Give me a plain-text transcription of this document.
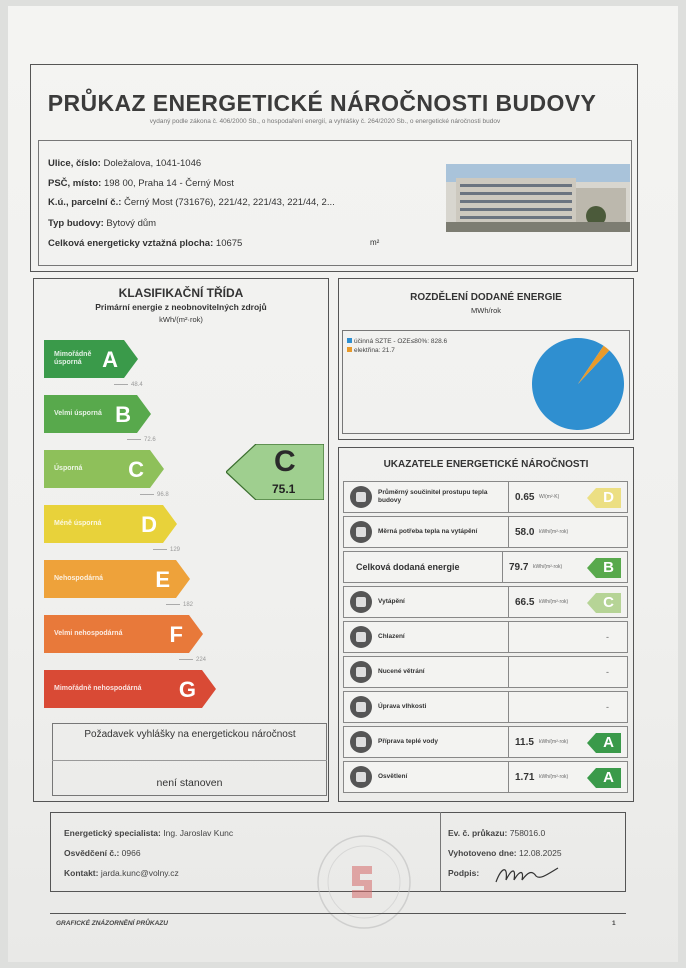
PRŮKAZ ENERGETICKÉ NÁROČNOSTI BUDOVY
vydaný podle zákona č. 406/2000 Sb., o hospodaření energií, a vyhlášky č. 264/2020 Sb., o energetické náročnosti budov
Ulice, číslo: Doležalova, 1041-1046
PSČ, místo: 198 00, Praha 14 - Černý Most
K.ú., parcelní č.: Černý Most (731676), 221/42, 221/43, 221/44, 2...
Typ budovy: Bytový dům
Celková energeticky vztažná plocha: 10675	m²
KLASIFIKAČNÍ TŘÍDA
Primární energie z neobnovitelných zdrojů
kWh/(m²·rok)
Mimořádně úsporná A
48.4
Velmi úsporná B
72.6
Úsporná	C
96.8
Méně úsporná	D
129
Nehospodárná	E
182
Velmi nehospodárná	F
224
Mimořádně nehospodárná	G
C
75.1
Požadavek vyhlášky na energetickou náročnost
není stanoven
ROZDĚLENÍ DODANÉ ENERGIE
MWh/rok
účinná SZTE - OZE≤80%: 828.6
elektřina: 21.7
UKAZATELE ENERGETICKÉ NÁROČNOSTI
Průměrný součinitel prostupu tepla budovy	0.65 W/(m²·K)	D
Měrná potřeba tepla na vytápění	58.0 kWh/(m²·rok)
Celková dodaná energie	79.7 kWh/(m²·rok)	B
Vytápění	66.5 kWh/(m²·rok)	C
Chlazení	-
Nucené větrání	-
Úprava vlhkosti	-
Příprava teplé vody	11.5	kWh/(m²·rok)	A
Osvětlení	1.71 kWh/(m²·rok)	A
Energetický specialista: Ing. Jaroslav Kunc
Osvědčení č.: 0966
Kontakt: jarda.kunc@volny.cz
Ev. č. průkazu: 758016.0
Vyhotoveno dne: 12.08.2025
Podpis:
GRAFICKÉ ZNÁZORNĚNÍ PRŮKAZU	1
